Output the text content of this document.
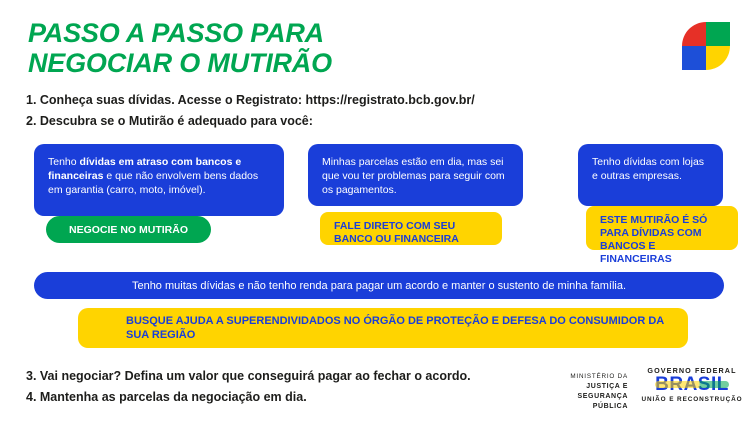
PASSO A PASSO PARA
NEGOCIAR O MUTIRÃO
1. Conheça suas dívidas. Acesse o Registrato: https://registrato.bcb.gov.br/
2. Descubra se o Mutirão é adequado para você:
Tenho dívidas em atraso com bancos e financeiras e que não envolvem bens dados em garantia (carro, moto, imóvel).
NEGOCIE NO MUTIRÃO
Minhas parcelas estão em dia, mas sei que vou ter problemas para seguir com os pagamentos.
FALE DIRETO COM SEU BANCO OU FINANCEIRA
Tenho dívidas com lojas e outras empresas.
ESTE MUTIRÃO É SÓ PARA DÍVIDAS COM BANCOS E FINANCEIRAS
Tenho muitas dívidas e não tenho renda para pagar um acordo e manter o sustento de minha família.
BUSQUE AJUDA A SUPERENDIVIDADOS NO ÓRGÃO DE PROTEÇÃO E DEFESA DO CONSUMIDOR DA SUA REGIÃO
3. Vai negociar? Defina um valor que conseguirá pagar ao fechar o acordo.
4. Mantenha as parcelas da negociação em dia.
MINISTÉRIO DA
JUSTIÇA E
SEGURANÇA PÚBLICA
GOVERNO FEDERAL
UNIÃO E RECONSTRUÇÃO
